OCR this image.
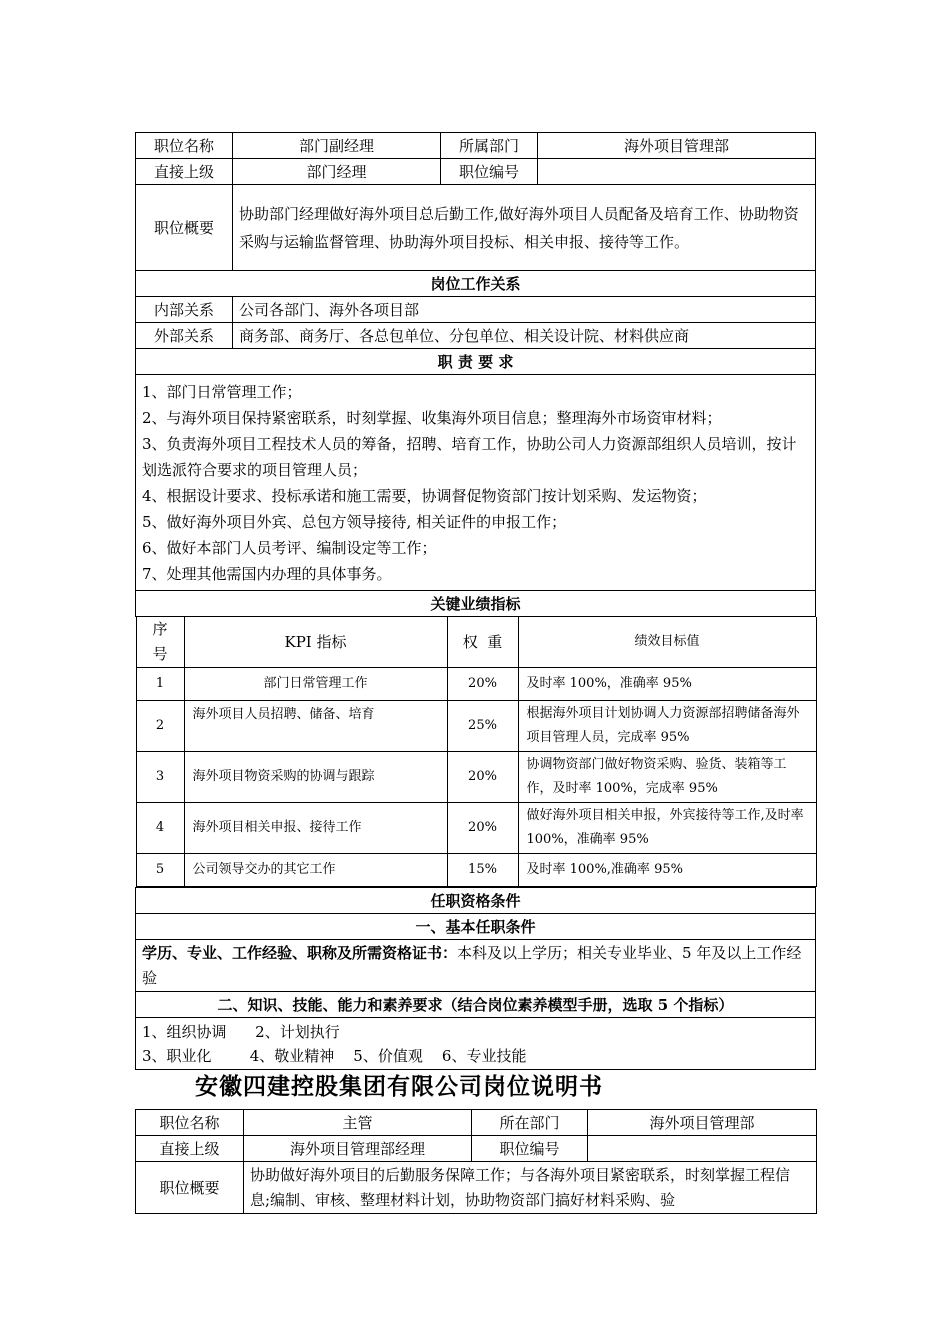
职位名称	部门副经理	所属部门	海外项目管理部
直接上级	部门经理	职位编号	
职位概要	协助部门经理做好海外项目总后勤工作,做好海外项目人员配备及培育工作、协助物资采购与运输监督管理、协助海外项目投标、相关申报、接待等工作。
岗位工作关系
内部关系	公司各部门、海外各项目部
外部关系	商务部、商务厅、各总包单位、分包单位、相关设计院、材料供应商
职 责 要 求

1、部门日常管理工作；
2、与海外项目保持紧密联系，时刻掌握、收集海外项目信息；整理海外市场资审材料；
3、负责海外项目工程技术人员的筹备，招聘、培育工作，协助公司人力资源部组织人员培训，按计划选派符合要求的项目管理人员；
4、根据设计要求、投标承诺和施工需要，协调督促物资部门按计划采购、发运物资；
5、做好海外项目外宾、总包方领导接待, 相关证件的申报工作；
6、做好本部门人员考评、编制设定等工作；
7、处理其他需国内办理的具体事务。

关键业绩指标

序号	KPI 指标	权  重	绩效目标值
1	部门日常管理工作	20%	及时率 100%，准确率 95%
2	海外项目人员招聘、储备、培育	25%	根据海外项目计划协调人力资源部招聘储备海外项目管理人员，完成率 95%
3	海外项目物资采购的协调与跟踪	20%	协调物资部门做好物资采购、验货、装箱等工作，及时率 100%，完成率 95%
4	海外项目相关申报、接待工作	20%	做好海外项目相关申报，外宾接待等工作,及时率 100%，准确率 95%
5	公司领导交办的其它工作	15%	及时率 100%,准确率 95%

任职资格条件
一、基本任职条件
学历、专业、工作经验、职称及所需资格证书：本科及以上学历；相关专业毕业、5 年及以上工作经验
二、知识、技能、能力和素养要求（结合岗位素养模型手册，选取 5 个指标）

1、组织协调      2、计划执行
3、职业化        4、敬业精神    5、价值观    6、专业技能
安徽四建控股集团有限公司岗位说明书
职位名称	主管	所在部门	海外项目管理部
直接上级	海外项目管理部经理	职位编号	
职位概要	协助做好海外项目的后勤服务保障工作；与各海外项目紧密联系，时刻掌握工程信息;编制、审核、整理材料计划，协助物资部门搞好材料采购、验		
